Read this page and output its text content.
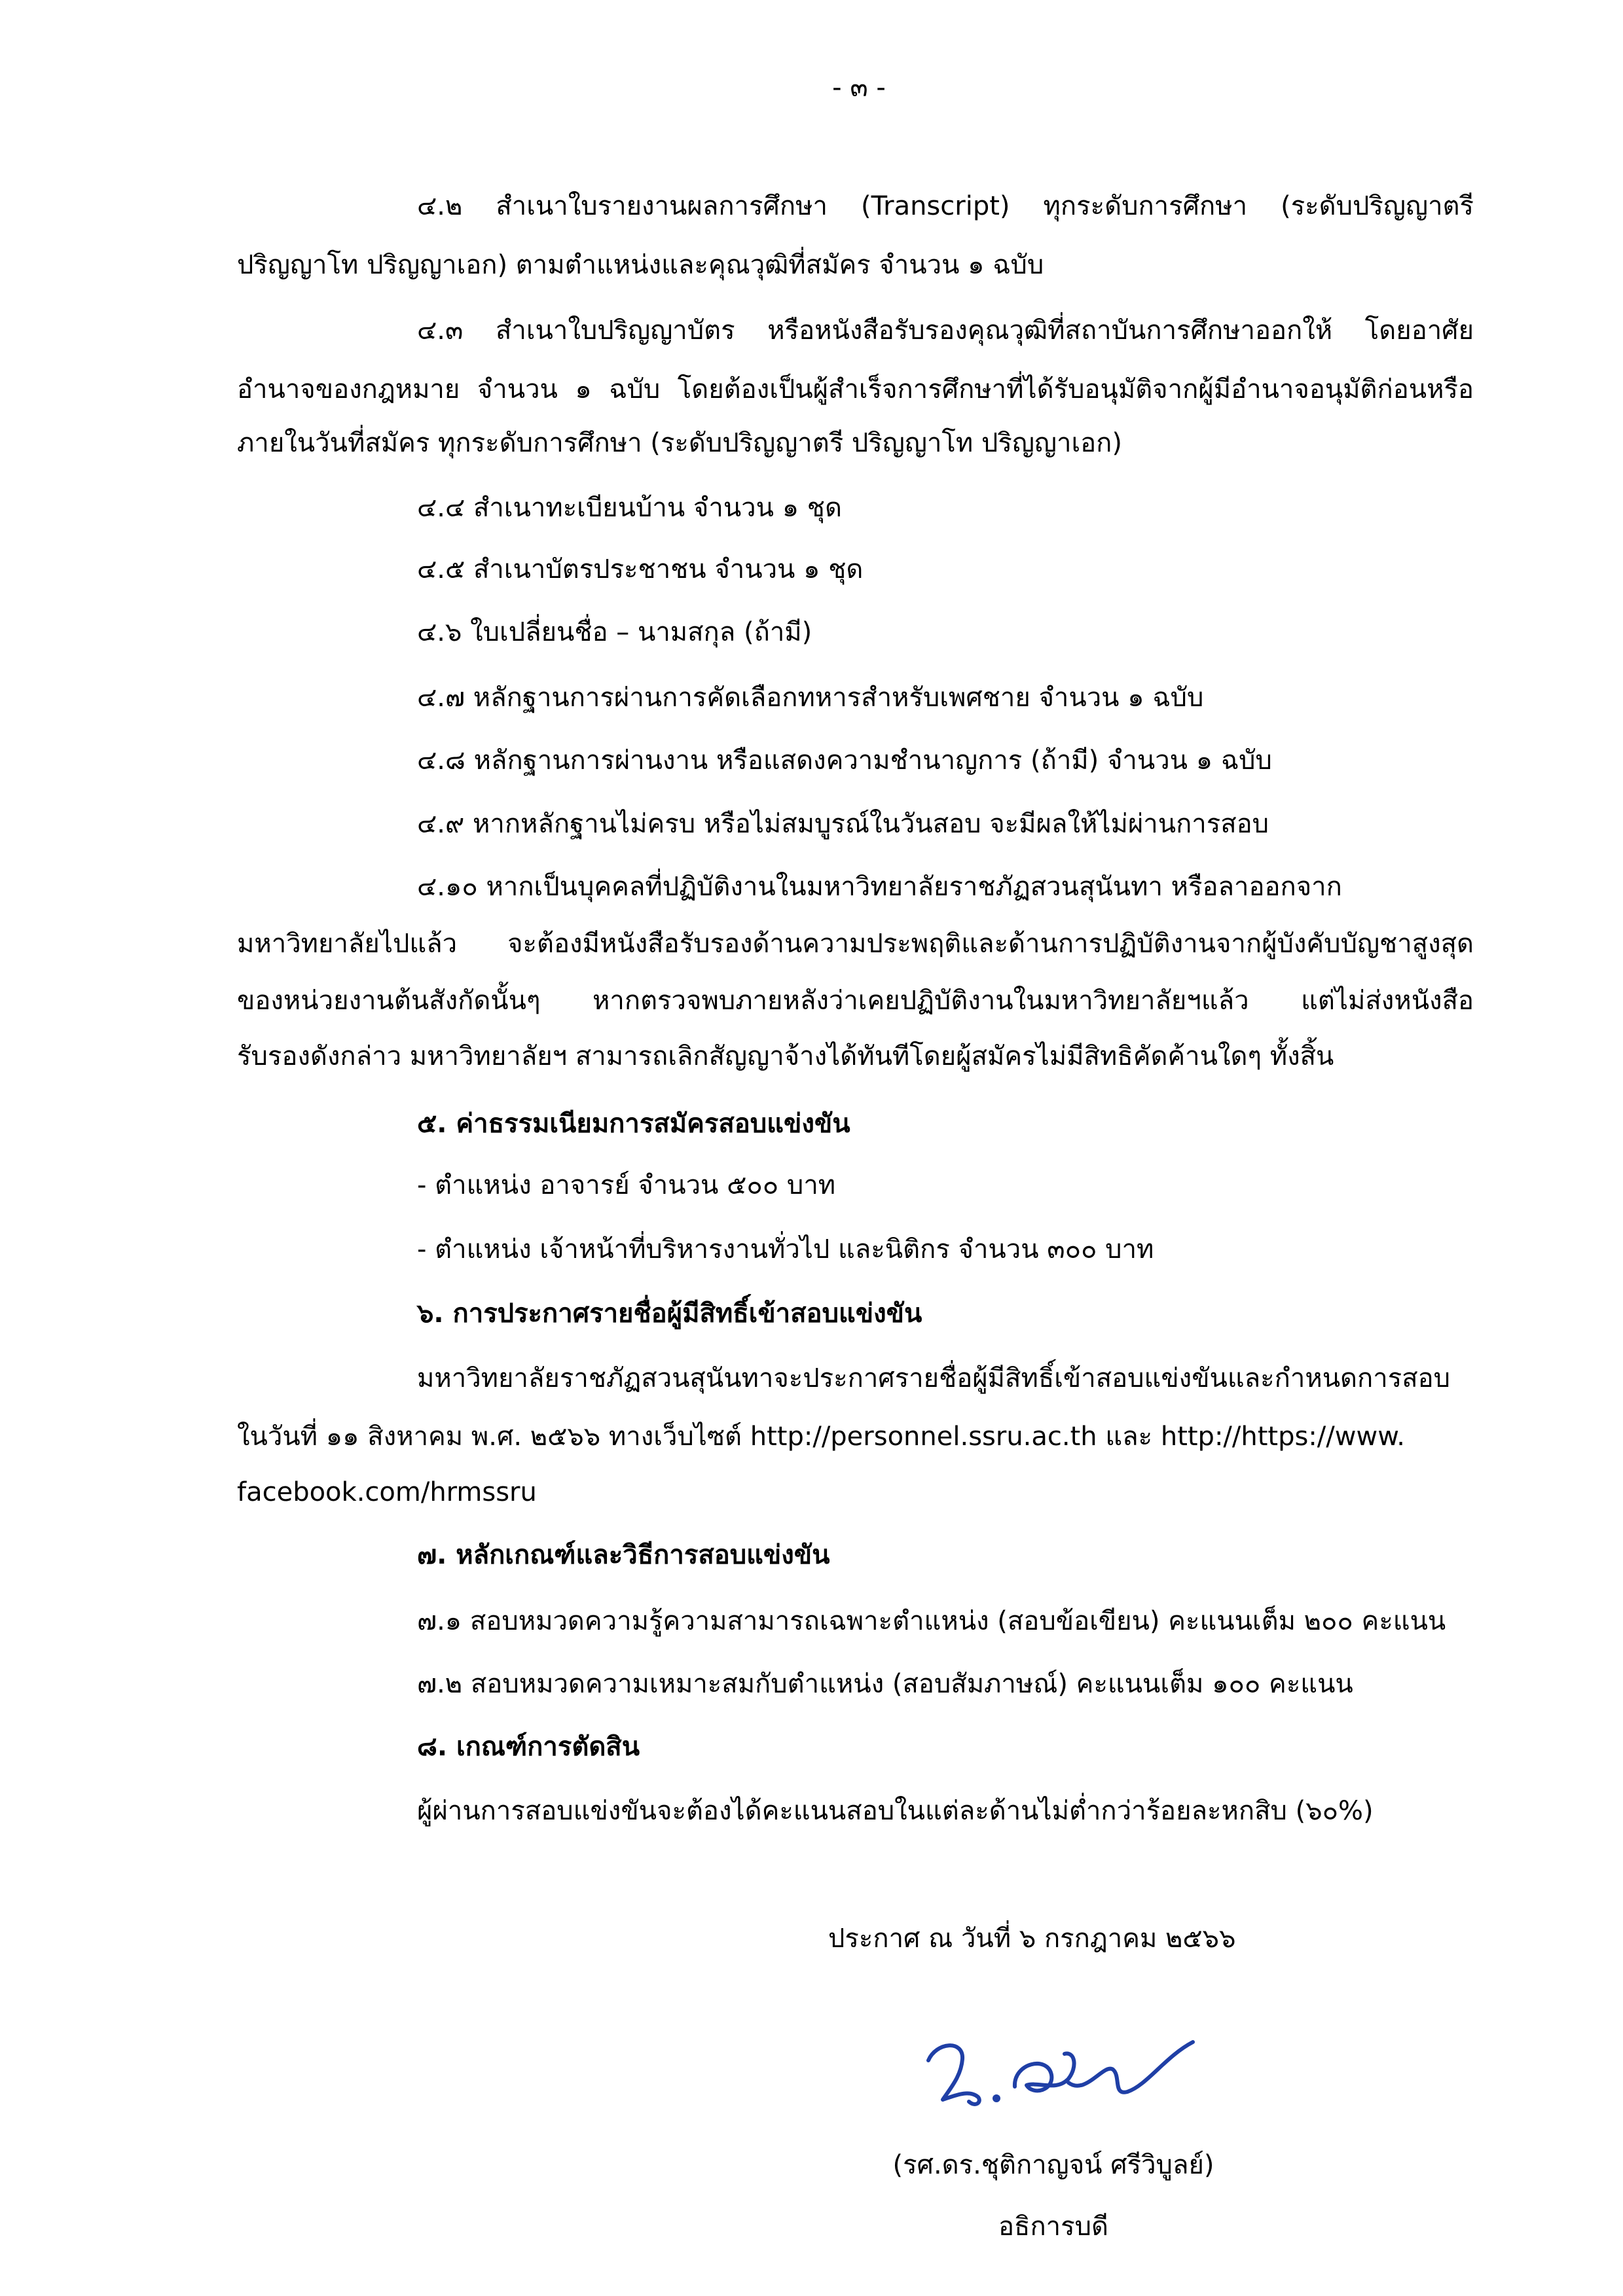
- ๓ -
๔.๒ สำเนาใบรายงานผลการศึกษา (Transcript) ทุกระดับการศึกษา (ระดับปริญญาตรี
ปริญญาโท ปริญญาเอก) ตามตำแหน่งและคุณวุฒิที่สมัคร จำนวน ๑ ฉบับ
๔.๓ สำเนาใบปริญญาบัตร หรือหนังสือรับรองคุณวุฒิที่สถาบันการศึกษาออกให้ โดยอาศัย
อำนาจของกฎหมาย จำนวน ๑ ฉบับ โดยต้องเป็นผู้สำเร็จการศึกษาที่ได้รับอนุมัติจากผู้มีอำนาจอนุมัติก่อนหรือ
ภายในวันที่สมัคร ทุกระดับการศึกษา (ระดับปริญญาตรี ปริญญาโท ปริญญาเอก)
๔.๔ สำเนาทะเบียนบ้าน จำนวน ๑ ชุด
๔.๕ สำเนาบัตรประชาชน จำนวน ๑ ชุด
๔.๖ ใบเปลี่ยนชื่อ – นามสกุล (ถ้ามี)
๔.๗ หลักฐานการผ่านการคัดเลือกทหารสำหรับเพศชาย จำนวน ๑ ฉบับ
๔.๘ หลักฐานการผ่านงาน หรือแสดงความชำนาญการ (ถ้ามี) จำนวน ๑ ฉบับ
๔.๙ หากหลักฐานไม่ครบ หรือไม่สมบูรณ์ในวันสอบ จะมีผลให้ไม่ผ่านการสอบ
๔.๑๐ หากเป็นบุคคลที่ปฏิบัติงานในมหาวิทยาลัยราชภัฏสวนสุนันทา หรือลาออกจาก
มหาวิทยาลัยไปแล้ว จะต้องมีหนังสือรับรองด้านความประพฤติและด้านการปฏิบัติงานจากผู้บังคับบัญชาสูงสุด
ของหน่วยงานต้นสังกัดนั้นๆ หากตรวจพบภายหลังว่าเคยปฏิบัติงานในมหาวิทยาลัยฯแล้ว แต่ไม่ส่งหนังสือ
รับรองดังกล่าว มหาวิทยาลัยฯ สามารถเลิกสัญญาจ้างได้ทันทีโดยผู้สมัครไม่มีสิทธิคัดค้านใดๆ ทั้งสิ้น
๕. ค่าธรรมเนียมการสมัครสอบแข่งขัน
- ตำแหน่ง อาจารย์ จำนวน ๕๐๐ บาท
- ตำแหน่ง เจ้าหน้าที่บริหารงานทั่วไป และนิติกร จำนวน ๓๐๐ บาท
๖. การประกาศรายชื่อผู้มีสิทธิ์เข้าสอบแข่งขัน
มหาวิทยาลัยราชภัฏสวนสุนันทาจะประกาศรายชื่อผู้มีสิทธิ์เข้าสอบแข่งขันและกำหนดการสอบ
ในวันที่ ๑๑ สิงหาคม พ.ศ. ๒๕๖๖ ทางเว็บไซต์ http://personnel.ssru.ac.th และ http://https://www.
facebook.com/hrmssru
๗. หลักเกณฑ์และวิธีการสอบแข่งขัน
๗.๑ สอบหมวดความรู้ความสามารถเฉพาะตำแหน่ง (สอบข้อเขียน) คะแนนเต็ม ๒๐๐ คะแนน
๗.๒ สอบหมวดความเหมาะสมกับตำแหน่ง (สอบสัมภาษณ์) คะแนนเต็ม ๑๐๐ คะแนน
๘. เกณฑ์การตัดสิน
ผู้ผ่านการสอบแข่งขันจะต้องได้คะแนนสอบในแต่ละด้านไม่ต่ำกว่าร้อยละหกสิบ (๖๐%)
ประกาศ ณ วันที่ ๖ กรกฎาคม ๒๕๖๖
(รศ.ดร.ชุติกาญจน์ ศรีวิบูลย์)
อธิการบดี
